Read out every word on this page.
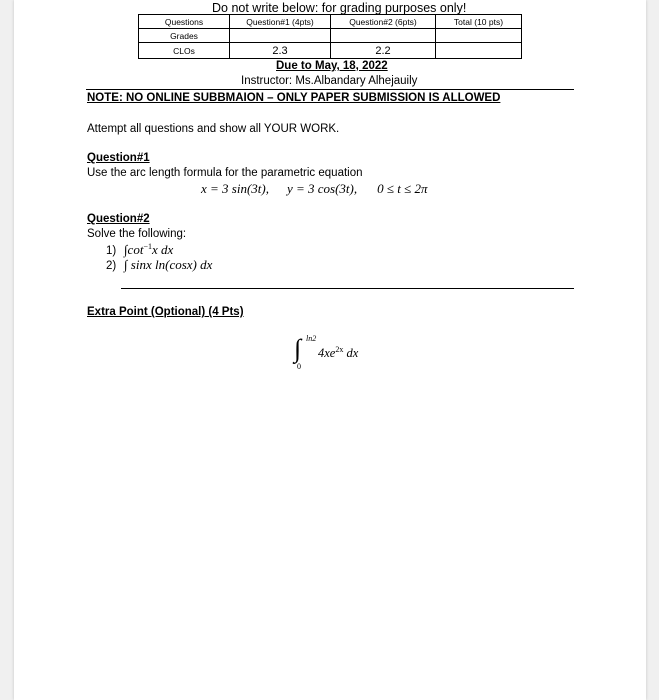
Do not write below: for grading purposes only!
Questions	Question#1 (4pts)	Question#2 (6pts)	Total (10 pts)
Grades			
CLOs	2.3	2.2	
Due to May, 18, 2022
Instructor: Ms.Albandary Alhejauily
NOTE: NO ONLINE SUBBMAION – ONLY PAPER SUBMISSION IS ALLOWED
Attempt all questions and show all YOUR WORK.
Question#1
Use the arc length formula for the parametric equation
x = 3 sin(3t), y = 3 cos(3t), 0 ≤ t ≤ 2π
Question#2
Solve the following:
1) $\int\cot^{-1}x$ dx
2) ∫ sinx ln(cosx) dx
Extra Point (Optional) (4 Pts)
∫ ln2
0
$4xe^{2x}$ dx
